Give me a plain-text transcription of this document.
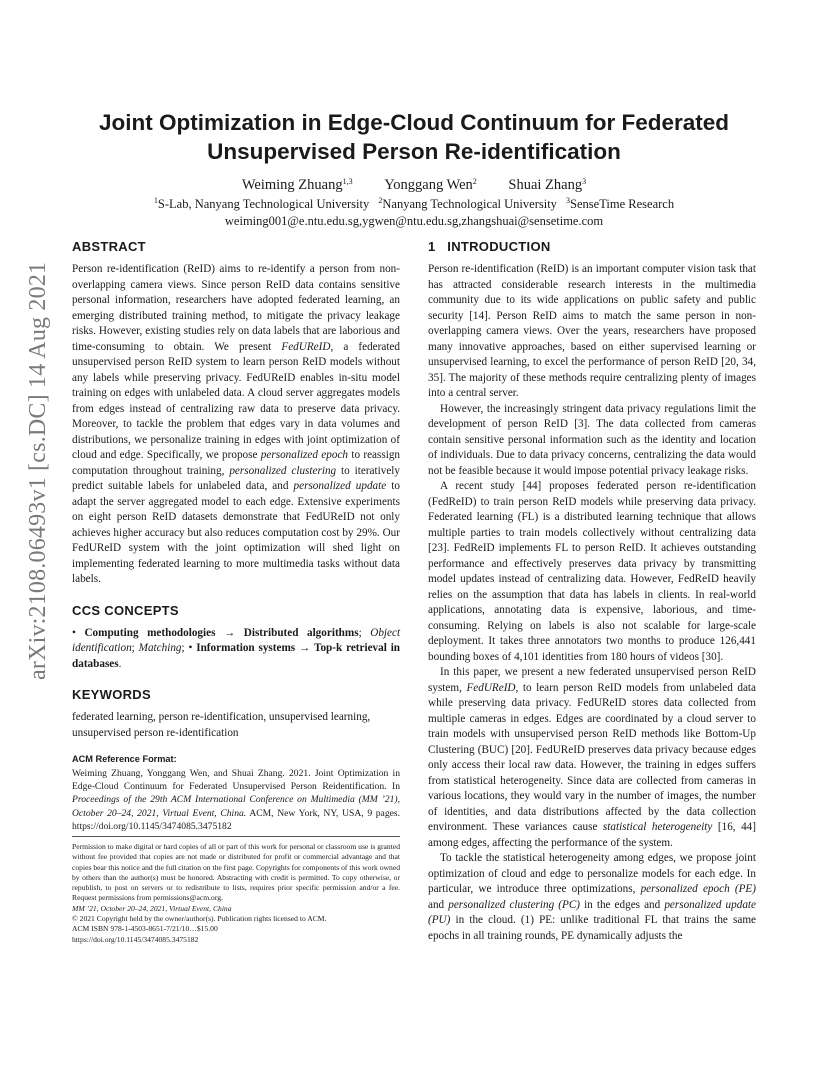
arXiv:2108.06493v1 [cs.DC] 14 Aug 2021
Joint Optimization in Edge-Cloud Continuum for Federated
Unsupervised Person Re-identification
Weiming Zhuang$^{1,3}$ Yonggang Wen$^2$ Shuai Zhang$^3$
$^1$S-Lab, Nanyang Technological University $^2$Nanyang Technological University $^3$SenseTime Research
weiming001@e.ntu.edu.sg,ygwen@ntu.edu.sg,zhangshuai@sensetime.com
ABSTRACT

Person re-identification (ReID) aims to re-identify a person from non-overlapping camera views. Since person ReID data contains sensitive personal information, researchers have adopted federated learning, an emerging distributed training method, to mitigate the privacy leakage risks. However, existing studies rely on data labels that are laborious and time-consuming to obtain. We present FedUReID, a federated unsupervised person ReID system to learn person ReID models without any labels while preserving privacy. FedUReID enables in-situ model training on edges with unlabeled data. A cloud server aggregates models from edges instead of centralizing raw data to preserve data privacy. Moreover, to tackle the problem that edges vary in data volumes and distributions, we personalize training in edges with joint optimization of cloud and edge. Specifically, we propose personalized epoch to reassign computation throughout training, personalized clustering to iteratively predict suitable labels for unlabeled data, and personalized update to adapt the server aggregated model to each edge. Extensive experiments on eight person ReID datasets demonstrate that FedUReID not only achieves higher accuracy but also reduces computation cost by 29%. Our FedUReID system with the joint optimization will shed light on implementing federated learning to more multimedia tasks without data labels.

CCS CONCEPTS

• Computing methodologies → Distributed algorithms; Object identification; Matching; • Information systems → Top-k retrieval in databases.

KEYWORDS

federated learning, person re-identification, unsupervised learning, unsupervised person re-identification

ACM Reference Format:

Weiming Zhuang, Yonggang Wen, and Shuai Zhang. 2021. Joint Optimization in Edge-Cloud Continuum for Federated Unsupervised Person Reidentification. In Proceedings of the 29th ACM International Conference on Multimedia (MM ’21), October 20–24, 2021, Virtual Event, China. ACM, New York, NY, USA, 9 pages. https://doi.org/10.1145/3474085.3475182

Permission to make digital or hard copies of all or part of this work for personal or classroom use is granted without fee provided that copies are not made or distributed for profit or commercial advantage and that copies bear this notice and the full citation on the first page. Copyrights for components of this work owned by others than the author(s) must be honored. Abstracting with credit is permitted. To copy otherwise, or republish, to post on servers or to redistribute to lists, requires prior specific permission and/or a fee. Request permissions from permissions@acm.org.

MM ’21, October 20–24, 2021, Virtual Event, China

© 2021 Copyright held by the owner/author(s). Publication rights licensed to ACM.

ACM ISBN 978-1-4503-8651-7/21/10…$15.00

https://doi.org/10.1145/3474085.3475182

1 INTRODUCTION

Person re-identification (ReID) is an important computer vision task that has attracted considerable research interests in the multimedia community due to its wide applications on public safety and public security [14]. Person ReID aims to match the same person in non-overlapping camera views. Over the years, researchers have proposed many innovative approaches, based on either supervised learning or unsupervised learning, to excel the performance of person ReID [20, 34, 35]. The majority of these methods require centralizing plenty of images into a central server.

However, the increasingly stringent data privacy regulations limit the development of person ReID [3]. The data collected from cameras contain sensitive personal information such as the identity and location of individuals. Due to data privacy concerns, centralizing the data would not be feasible because it would impose potential privacy leakage risks.

A recent study [44] proposes federated person re-identification (FedReID) to train person ReID models while preserving data privacy. Federated learning (FL) is a distributed learning technique that allows multiple parties to train models collectively without centralizing data [23]. FedReID implements FL to person ReID. It achieves outstanding performance and effectively preserves data privacy by transmitting model updates instead of centralizing data. However, FedReID heavily relies on the assumption that data has labels in clients. In real-world applications, annotating data is expensive, laborious, and time-consuming. Relying on labels is also not scalable for large-scale deployment. It takes three annotators two months to produce 126,441 bounding boxes of 4,101 identities from 180 hours of videos [30].

In this paper, we present a new federated unsupervised person ReID system, FedUReID, to learn person ReID models from unlabeled data while preserving data privacy. FedUReID stores data collected from multiple cameras in edges. Edges are coordinated by a cloud server to train models with unsupervised person ReID methods like Bottom-Up Clustering (BUC) [20]. FedUReID preserves data privacy because edges only access their local raw data. However, the training in edges suffers from statistical heterogeneity. Since data are collected from cameras in various locations, they would vary in the number of images, the number of identities, and data distributions affected by the data collection environment. These variances cause statistical heterogeneity [16, 44] among edges, affecting the performance of the system.

To tackle the statistical heterogeneity among edges, we propose joint optimization of cloud and edge to personalize models for each edge. In particular, we introduce three optimizations, personalized epoch (PE) and personalized clustering (PC) in the edges and personalized update (PU) in the cloud. (1) PE: unlike traditional FL that trains the same epochs in all training rounds, PE dynamically adjusts the
